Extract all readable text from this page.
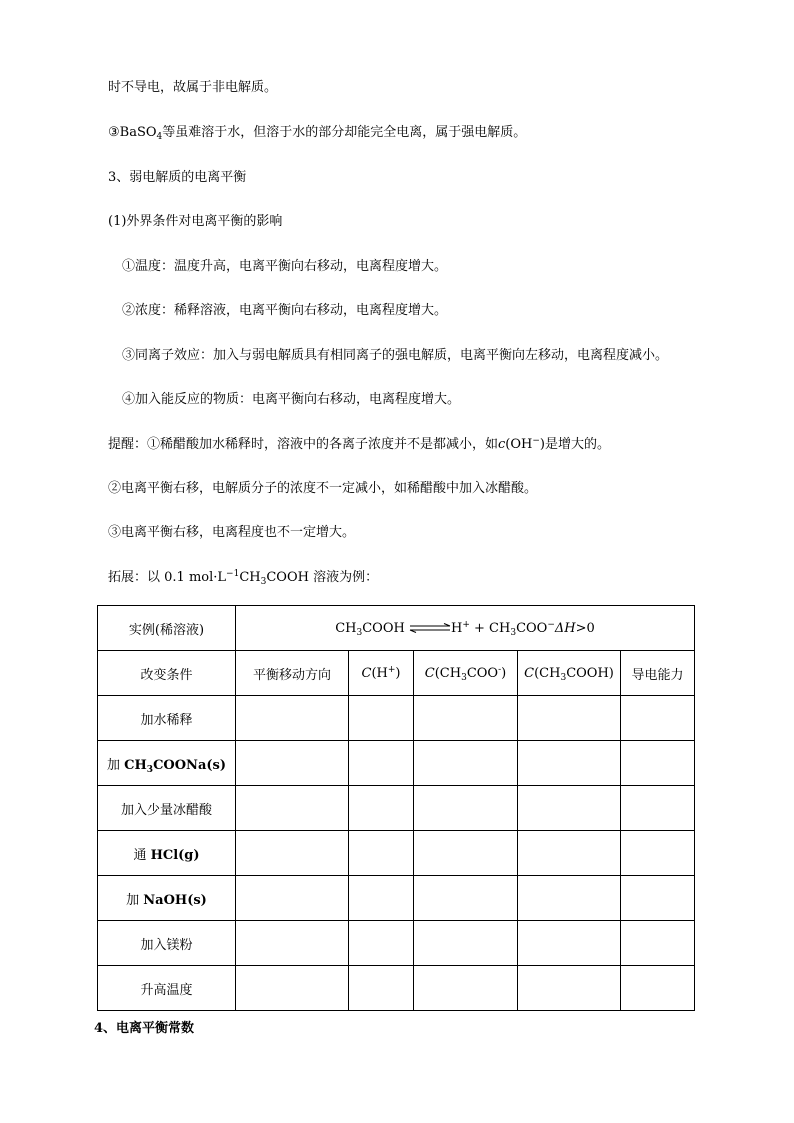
时不导电，故属于非电解质。
③BaSO$_4$等虽难溶于水，但溶于水的部分却能完全电离，属于强电解质。
3、弱电解质的电离平衡
(1)外界条件对电离平衡的影响
①温度：温度升高，电离平衡向右移动，电离程度增大。
②浓度：稀释溶液，电离平衡向右移动，电离程度增大。
③同离子效应：加入与弱电解质具有相同离子的强电解质，电离平衡向左移动，电离程度减小。
④加入能反应的物质：电离平衡向右移动，电离程度增大。
提醒：①稀醋酸加水稀释时，溶液中的各离子浓度并不是都减小，如c(OH−)是增大的。
②电离平衡右移，电解质分子的浓度不一定减小，如稀醋酸中加入冰醋酸。
③电离平衡右移，电离程度也不一定增大。
拓展：以 0.1 $mol\cdot L^{-1}CH_3COOH$ 溶液为例：
实例(稀溶液)	$CH_3COOH$ ⇌H+ + $CH_3COO^-\Delta H>0$				
改变条件	平衡移动方向	C(H+)	$C(CH_3COO^-)$	$C(CH_3COOH)$	导电能力
加水稀释					
加 $CH_3COONa(s)$					
加入少量冰醋酸					
通 HCl(g)					
加 NaOH(s)					
加入镁粉					
升高温度					
4、电离平衡常数
